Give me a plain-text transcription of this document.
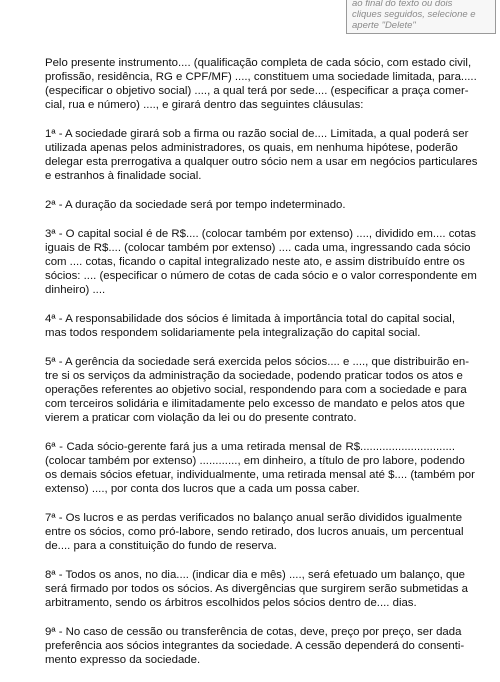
ao final do texto ou dois
cliques seguidos, selecione e
aperte "Delete"

Pelo presente instrumento.... (qualificação completa de cada sócio, com estado civil,
profissão, residência, RG e CPF/MF) ...., constituem uma sociedade limitada, para.....
(especificar o objetivo social) ...., a qual terá por sede.... (especificar a praça comer-
cial, rua e número) ...., e girará dentro das seguintes cláusulas:

1ª - A sociedade girará sob a firma ou razão social de.... Limitada, a qual poderá ser
utilizada apenas pelos administradores, os quais, em nenhuma hipótese, poderão
delegar esta prerrogativa a qualquer outro sócio nem a usar em negócios particulares
e estranhos à finalidade social.

2ª - A duração da sociedade será por tempo indeterminado.

3ª - O capital social é de R$.... (colocar também por extenso) ...., dividido em.... cotas
iguais de R$.... (colocar também por extenso) .... cada uma, ingressando cada sócio
com .... cotas, ficando o capital integralizado neste ato, e assim distribuído entre os
sócios: .... (especificar o número de cotas de cada sócio e o valor correspondente em
dinheiro) ....

4ª - A responsabilidade dos sócios é limitada à importância total do capital social,
mas todos respondem solidariamente pela integralização do capital social.

5ª - A gerência da sociedade será exercida pelos sócios.... e ...., que distribuirão en-
tre si os serviços da administração da sociedade, podendo praticar todos os atos e
operações referentes ao objetivo social, respondendo para com a sociedade e para
com terceiros solidária e ilimitadamente pelo excesso de mandato e pelos atos que
vierem a praticar com violação da lei ou do presente contrato.

6ª - Cada sócio-gerente fará jus a uma retirada mensal de R$..............................
(colocar também por extenso) ............, em dinheiro, a título de pro labore, podendo
os demais sócios efetuar, individualmente, uma retirada mensal até $.... (também por
extenso) ...., por conta dos lucros que a cada um possa caber.

7ª - Os lucros e as perdas verificados no balanço anual serão divididos igualmente
entre os sócios, como pró-labore, sendo retirado, dos lucros anuais, um percentual
de.... para a constituição do fundo de reserva.

8ª - Todos os anos, no dia.... (indicar dia e mês) ...., será efetuado um balanço, que
será firmado por todos os sócios. As divergências que surgirem serão submetidas a
arbitramento, sendo os árbitros escolhidos pelos sócios dentro de.... dias.

9ª - No caso de cessão ou transferência de cotas, deve, preço por preço, ser dada
preferência aos sócios integrantes da sociedade. A cessão dependerá do consenti-
mento expresso da sociedade.
